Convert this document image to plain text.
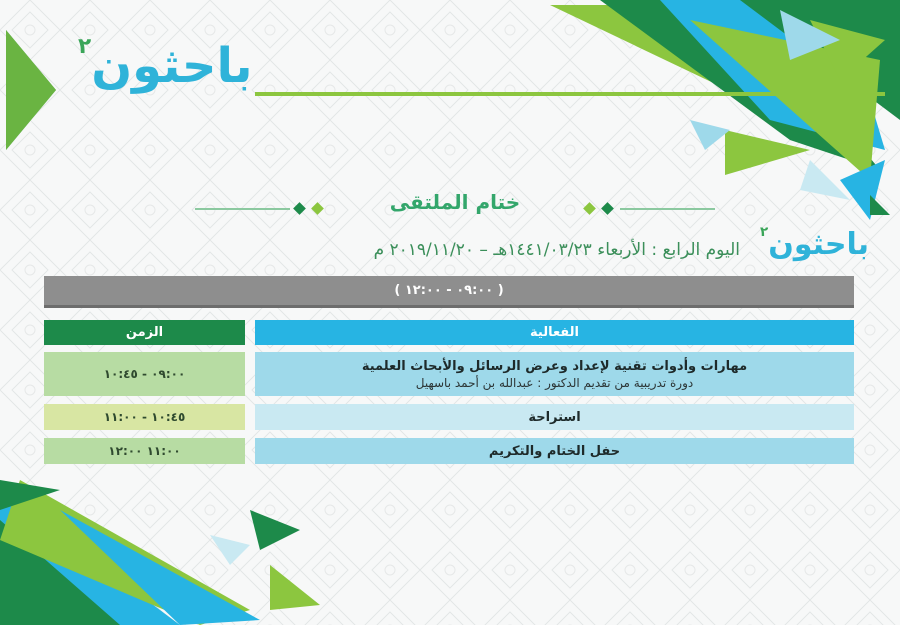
باحثون$^٢$
ختام الملتقى
باحثون$^٢$
اليوم الرابع : الأربعاء ١٤٤١/٠٣/٢٣هـ – ٢٠١٩/١١/٢٠ م
( ٠٩:٠٠ - ١٢:٠٠ )
الفعالية
الزمن
مهارات وأدوات تقنية لإعداد وعرض الرسائل والأبحاث العلمية
دورة تدريبية من تقديم الدكتور : عبدالله بن أحمد باسهيل
٠٩:٠٠ - ١٠:٤٥
استراحة
١٠:٤٥ - ١١:٠٠
حفل الختام والتكريم
١١:٠٠ ١٢:٠٠
